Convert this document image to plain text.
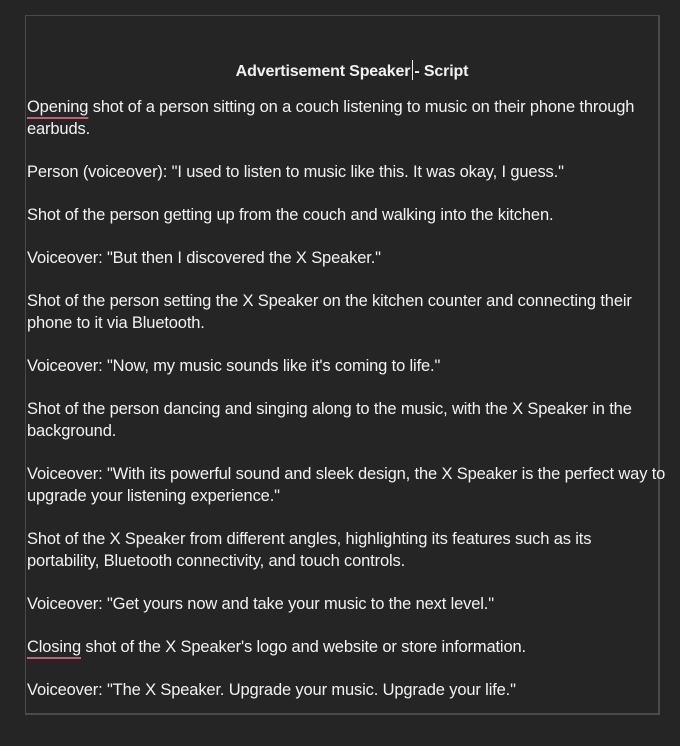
Advertisement Speaker - Script

Opening shot of a person sitting on a couch listening to music on their phone through earbuds.

Person (voiceover): "I used to listen to music like this. It was okay, I guess."

Shot of the person getting up from the couch and walking into the kitchen.

Voiceover: "But then I discovered the X Speaker."

Shot of the person setting the X Speaker on the kitchen counter and connecting their phone to it via Bluetooth.

Voiceover: "Now, my music sounds like it's coming to life."

Shot of the person dancing and singing along to the music, with the X Speaker in the background.

Voiceover: "With its powerful sound and sleek design, the X Speaker is the perfect way to upgrade your listening experience."

Shot of the X Speaker from different angles, highlighting its features such as its portability, Bluetooth connectivity, and touch controls.

Voiceover: "Get yours now and take your music to the next level."

Closing shot of the X Speaker's logo and website or store information.

Voiceover: "The X Speaker. Upgrade your music. Upgrade your life."
